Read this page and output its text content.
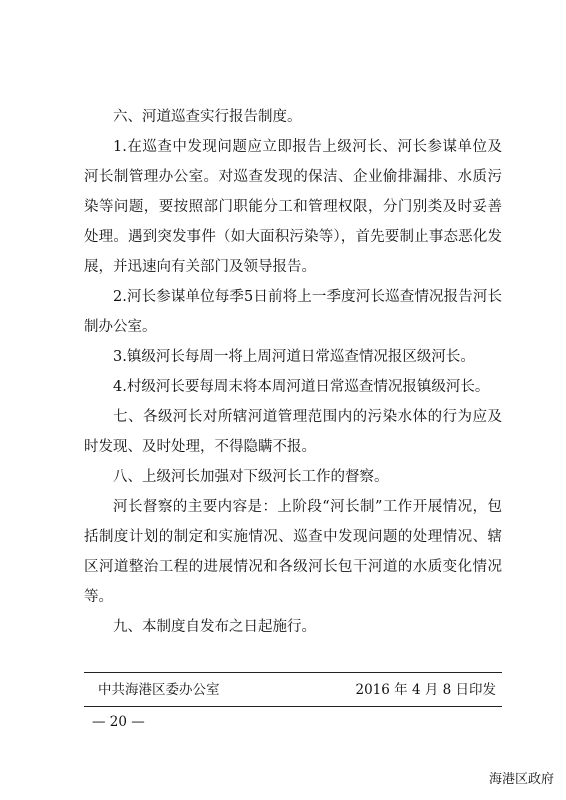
六、河道巡查实行报告制度。

1.在巡查中发现问题应立即报告上级河长、河长参谋单位及河长制管理办公室。对巡查发现的保洁、企业偷排漏排、水质污染等问题，要按照部门职能分工和管理权限，分门别类及时妥善处理。遇到突发事件（如大面积污染等），首先要制止事态恶化发展，并迅速向有关部门及领导报告。

2.河长参谋单位每季5日前将上一季度河长巡查情况报告河长制办公室。

3.镇级河长每周一将上周河道日常巡查情况报区级河长。

4.村级河长要每周末将本周河道日常巡查情况报镇级河长。

七、各级河长对所辖河道管理范围内的污染水体的行为应及时发现、及时处理，不得隐瞒不报。

八、上级河长加强对下级河长工作的督察。

河长督察的主要内容是：上阶段“河长制”工作开展情况，包括制度计划的制定和实施情况、巡查中发现问题的处理情况、辖区河道整治工程的进展情况和各级河长包干河道的水质变化情况等。

九、本制度自发布之日起施行。

中共海港区委办公室	2016 年 4 月 8 日印发
— 20 —
海港区政府
